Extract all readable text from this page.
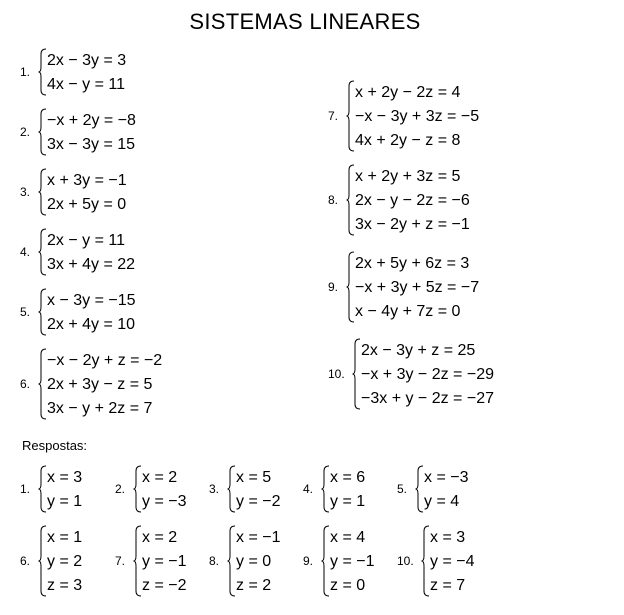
SISTEMAS LINEARES
1.
2x − 3y = 3
4x − y = 11
2.
−x + 2y = −8
3x − 3y = 15
3.
x + 3y = −1
2x + 5y = 0
4.
2x − y = 11
3x + 4y = 22
5.
x − 3y = −15
2x + 4y = 10
6.
−x − 2y + z = −2
2x + 3y − z = 5
3x − y + 2z = 7
7.
x + 2y − 2z = 4
−x − 3y + 3z = −5
4x + 2y − z = 8
8.
x + 2y + 3z = 5
2x − y − 2z = −6
3x − 2y + z = −1
9.
2x + 5y + 6z = 3
−x + 3y + 5z = −7
x − 4y + 7z = 0
10.
2x − 3y + z = 25
−x + 3y − 2z = −29
−3x + y − 2z = −27
Respostas:
1.
x = 3
y = 1
2.
x = 2
y = −3
3.
x = 5
y = −2
4.
x = 6
y = 1
5.
x = −3
y = 4
6.
x = 1
y = 2
z = 3
7.
x = 2
y = −1
z = −2
8.
x = −1
y = 0
z = 2
9.
x = 4
y = −1
z = 0
10.
x = 3
y = −4
z = 7
